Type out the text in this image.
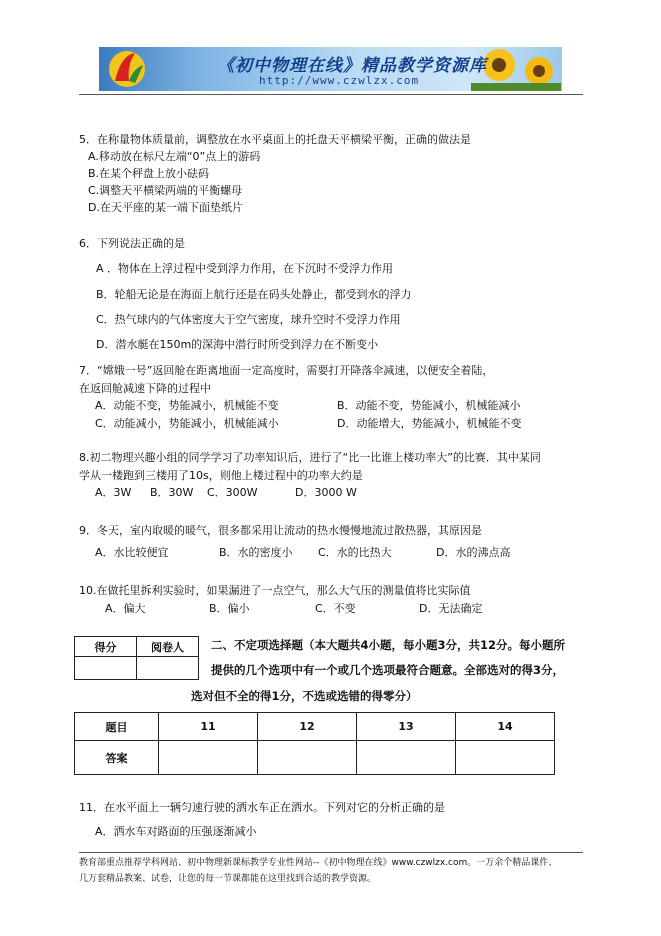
《初中物理在线》精品教学资源库
http://www.czwlzx.com
5．在称量物体质量前，调整放在水平桌面上的托盘天平横梁平衡，正确的做法是
A.移动放在标尺左端“0”点上的游码
B.在某个秤盘上放小砝码
C.调整天平横梁两端的平衡螺母
D.在天平座的某一端下面垫纸片
6．下列说法正确的是
A ．物体在上浮过程中受到浮力作用，在下沉时不受浮力作用
B．轮船无论是在海面上航行还是在码头处静止，都受到水的浮力
C．热气球内的气体密度大于空气密度，球升空时不受浮力作用
D．潜水艇在150m的深海中潜行时所受到浮力在不断变小
7．“嫦娥一号”返回舱在距离地面一定高度时，需要打开降落伞减速，以便安全着陆，
在返回舱减速下降的过程中
A．动能不变，势能减小，机械能不变	B．动能不变，势能减小，机械能减小
C．动能减小，势能减小，机械能减小	D．动能增大，势能减小，机械能不变
8.初二物理兴趣小组的同学学习了功率知识后，进行了“比一比谁上楼功率大”的比赛．其中某同
学从一楼跑到三楼用了10s，则他上楼过程中的功率大约是
A．3W B．30W C．300W	D．3000 W
9．冬天，室内取暖的暖气，很多都采用让流动的热水慢慢地流过散热器，其原因是
A．水比较便宜	B．水的密度小 C．水的比热大	D．水的沸点高
10.在做托里拆利实验时，如果漏进了一点空气，那么大气压的测量值将比实际值
A．偏大	B．偏小	C．不变	D．无法确定
得分	阅卷人
	二、不定项选择题（本大题共4小题，每小题3分，共12分。每小题所
提供的几个选项中有一个或几个选项最符合题意。全部选对的得3分，
选对但不全的得1分，不选或选错的得零分）
题目	11	12	13	14
答案				
11．在水平面上一辆匀速行驶的洒水车正在洒水。下列对它的分析正确的是
A．洒水车对路面的压强逐渐减小
教育部重点推荐学科网站、初中物理新课标教学专业性网站--《初中物理在线》www.czwlzx.com。一万余个精品课件、
几万套精品教案、试卷，让您的每一节课都能在这里找到合适的教学资源。
